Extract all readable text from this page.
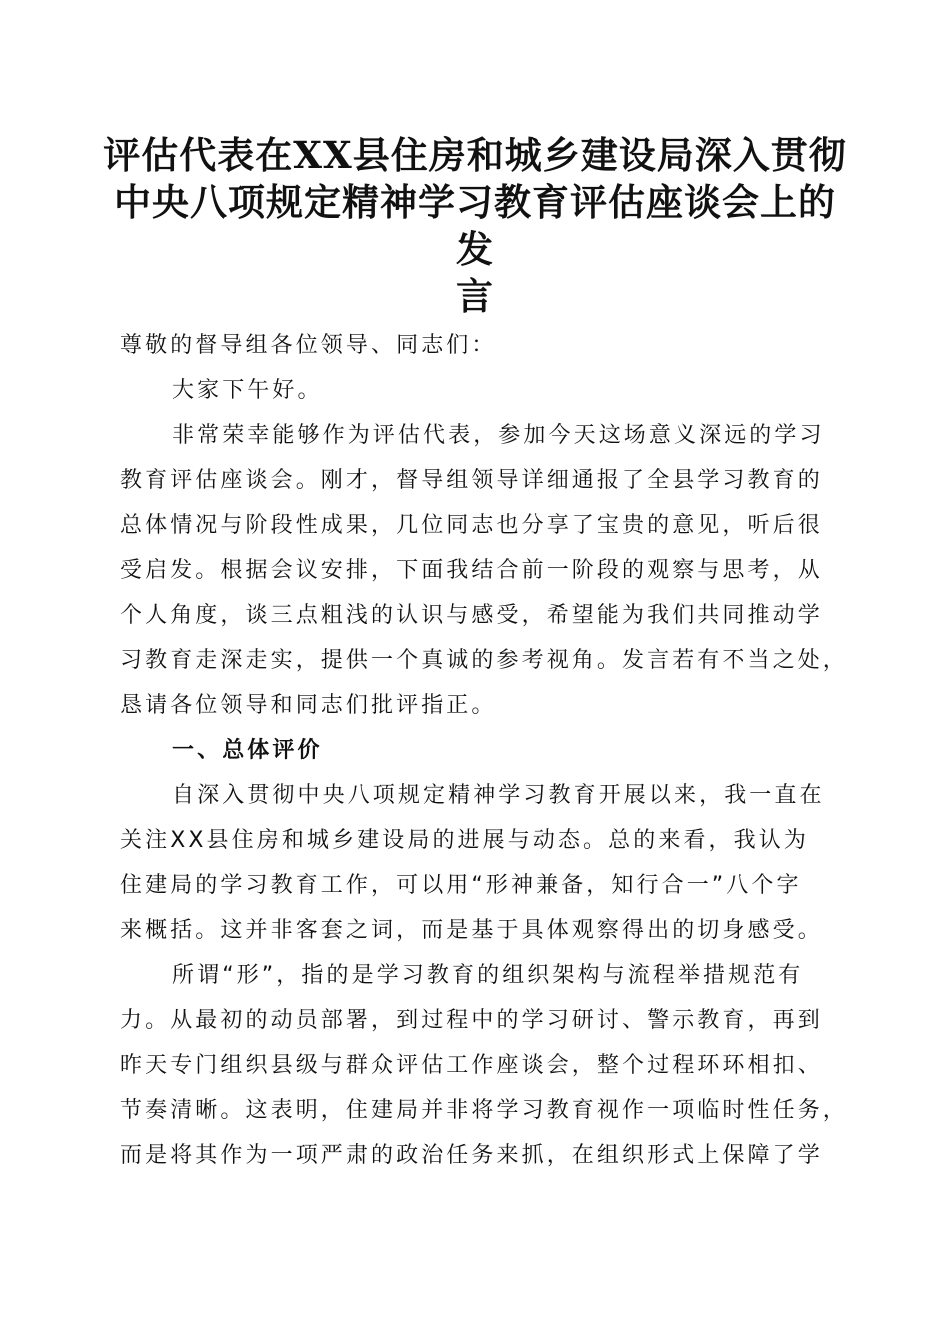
评估代表在XX县住房和城乡建设局深入贯彻
中央八项规定精神学习教育评估座谈会上的发
言
尊敬的督导组各位领导、同志们：
大家下午好。
非常荣幸能够作为评估代表，参加今天这场意义深远的学习
教育评估座谈会。刚才，督导组领导详细通报了全县学习教育的
总体情况与阶段性成果，几位同志也分享了宝贵的意见，听后很
受启发。根据会议安排，下面我结合前一阶段的观察与思考，从
个人角度，谈三点粗浅的认识与感受，希望能为我们共同推动学
习教育走深走实，提供一个真诚的参考视角。发言若有不当之处，
恳请各位领导和同志们批评指正。
一、总体评价
自深入贯彻中央八项规定精神学习教育开展以来，我一直在
关注XX县住房和城乡建设局的进展与动态。总的来看，我认为
住建局的学习教育工作，可以用“形神兼备，知行合一”八个字
来概括。这并非客套之词，而是基于具体观察得出的切身感受。
所谓“形”，指的是学习教育的组织架构与流程举措规范有
力。从最初的动员部署，到过程中的学习研讨、警示教育，再到
昨天专门组织县级与群众评估工作座谈会，整个过程环环相扣、
节奏清晰。这表明，住建局并非将学习教育视作一项临时性任务，
而是将其作为一项严肃的政治任务来抓，在组织形式上保障了学
